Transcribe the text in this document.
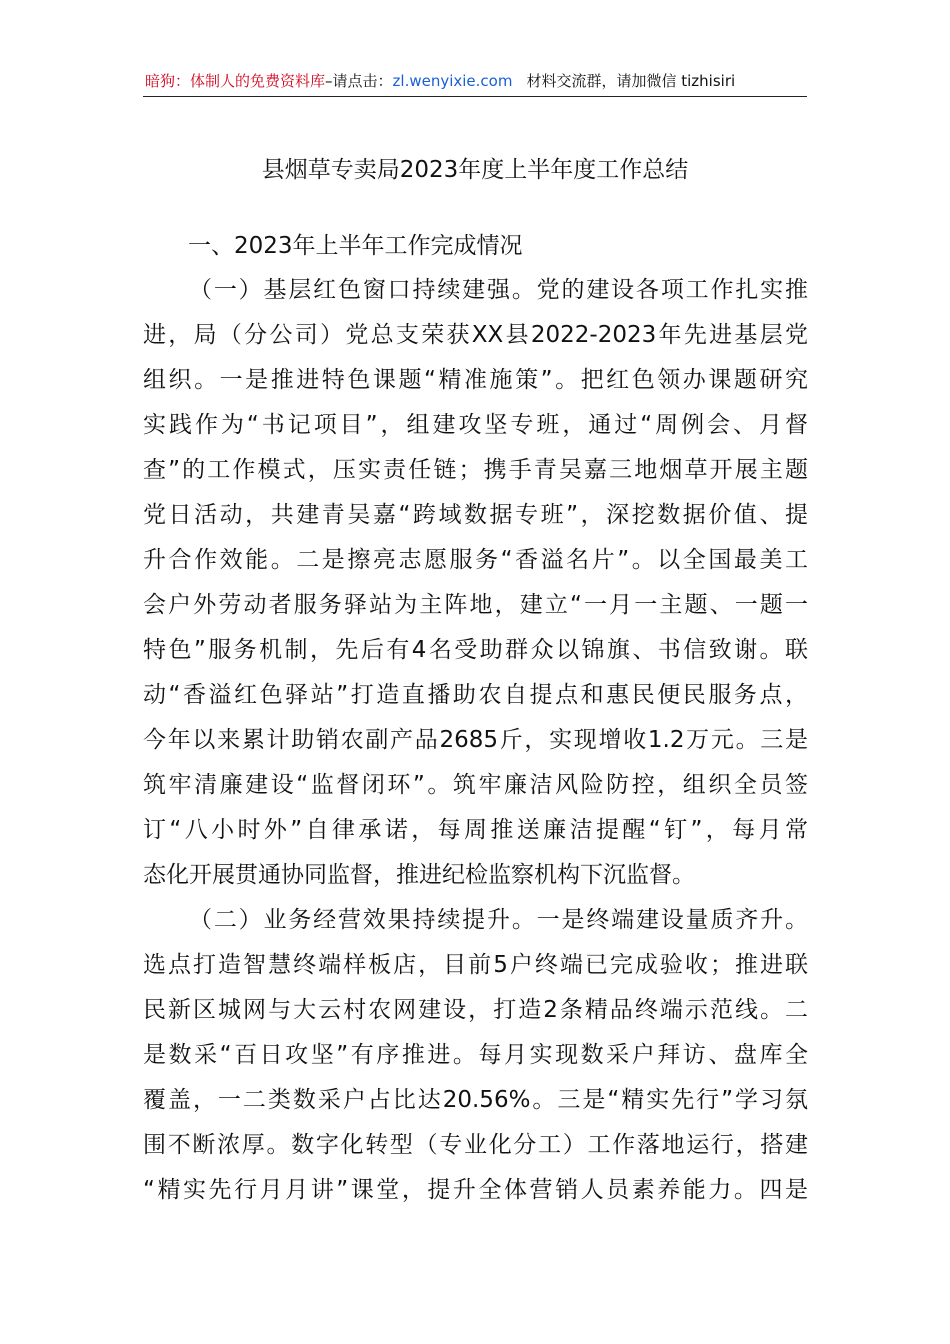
暗狗：体制人的免费资料库–请点击：zl.wenyixie.com 材料交流群，请加微信 tizhisiri
县烟草专卖局2023年度上半年度工作总结
一、2023年上半年工作完成情况
（一）基层红色窗口持续建强。党的建设各项工作扎实推
进，局（分公司）党总支荣获XX县2022-2023年先进基层党
组织。一是推进特色课题“精准施策”。把红色领办课题研究
实践作为“书记项目”，组建攻坚专班，通过“周例会、月督
查”的工作模式，压实责任链；携手青吴嘉三地烟草开展主题
党日活动，共建青吴嘉“跨域数据专班”，深挖数据价值、提
升合作效能。二是擦亮志愿服务“香溢名片”。以全国最美工
会户外劳动者服务驿站为主阵地，建立“一月一主题、一题一
特色”服务机制，先后有4名受助群众以锦旗、书信致谢。联
动“香溢红色驿站”打造直播助农自提点和惠民便民服务点，
今年以来累计助销农副产品2685斤，实现增收1.2万元。三是
筑牢清廉建设“监督闭环”。筑牢廉洁风险防控，组织全员签
订“八小时外”自律承诺，每周推送廉洁提醒“钉”，每月常
态化开展贯通协同监督，推进纪检监察机构下沉监督。
（二）业务经营效果持续提升。一是终端建设量质齐升。
选点打造智慧终端样板店，目前5户终端已完成验收；推进联
民新区城网与大云村农网建设，打造2条精品终端示范线。二
是数采“百日攻坚”有序推进。每月实现数采户拜访、盘库全
覆盖，一二类数采户占比达20.56%。三是“精实先行”学习氛
围不断浓厚。数字化转型（专业化分工）工作落地运行，搭建
“精实先行月月讲”课堂，提升全体营销人员素养能力。四是
